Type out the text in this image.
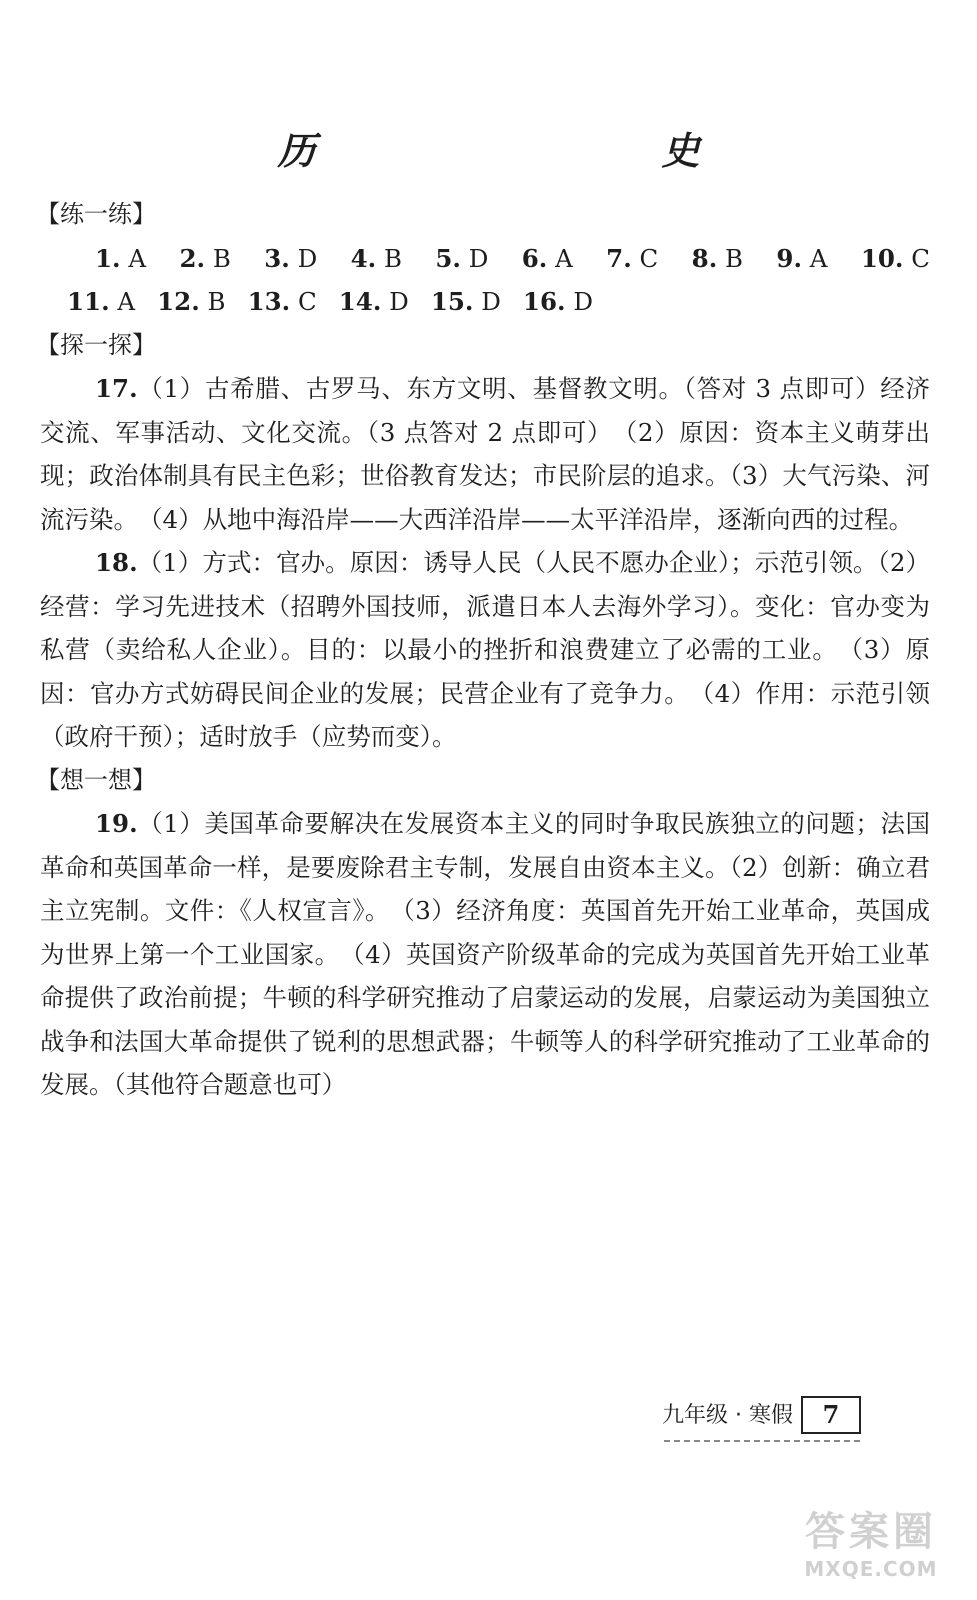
历　　史
【练一练】
1. A 2. B 3. D 4. B 5. D 6. A 7. C 8. B 9. A 10. C
11. A 12. B 13. C 14. D 15. D 16. D
【探一探】
17.（1）古希腊、古罗马、东方文明、基督教文明。（答对 3 点即可）经济交流、军事活动、文化交流。（3 点答对 2 点即可）　（2）原因：资本主义萌芽出现；政治体制具有民主色彩；世俗教育发达；市民阶层的追求。（3）大气污染、河流污染。　（4）从地中海沿岸——大西洋沿岸——太平洋沿岸，逐渐向西的过程。
18.（1）方式：官办。原因：诱导人民（人民不愿办企业）；示范引领。（2）经营：学习先进技术（招聘外国技师，派遣日本人去海外学习）。变化：官办变为私营（卖给私人企业）。目的：以最小的挫折和浪费建立了必需的工业。　（3）原因：官办方式妨碍民间企业的发展；民营企业有了竞争力。　（4）作用：示范引领（政府干预）；适时放手（应势而变）。
【想一想】
19.（1）美国革命要解决在发展资本主义的同时争取民族独立的问题；法国革命和英国革命一样，是要废除君主专制，发展自由资本主义。（2）创新：确立君主立宪制。文件：《人权宣言》。　（3）经济角度：英国首先开始工业革命，英国成为世界上第一个工业国家。　（4）英国资产阶级革命的完成为英国首先开始工业革命提供了政治前提；牛顿的科学研究推动了启蒙运动的发展，启蒙运动为美国独立战争和法国大革命提供了锐利的思想武器；牛顿等人的科学研究推动了工业革命的发展。（其他符合题意也可）
九年级 · 寒假	7
答案圈
MXQE.COM
